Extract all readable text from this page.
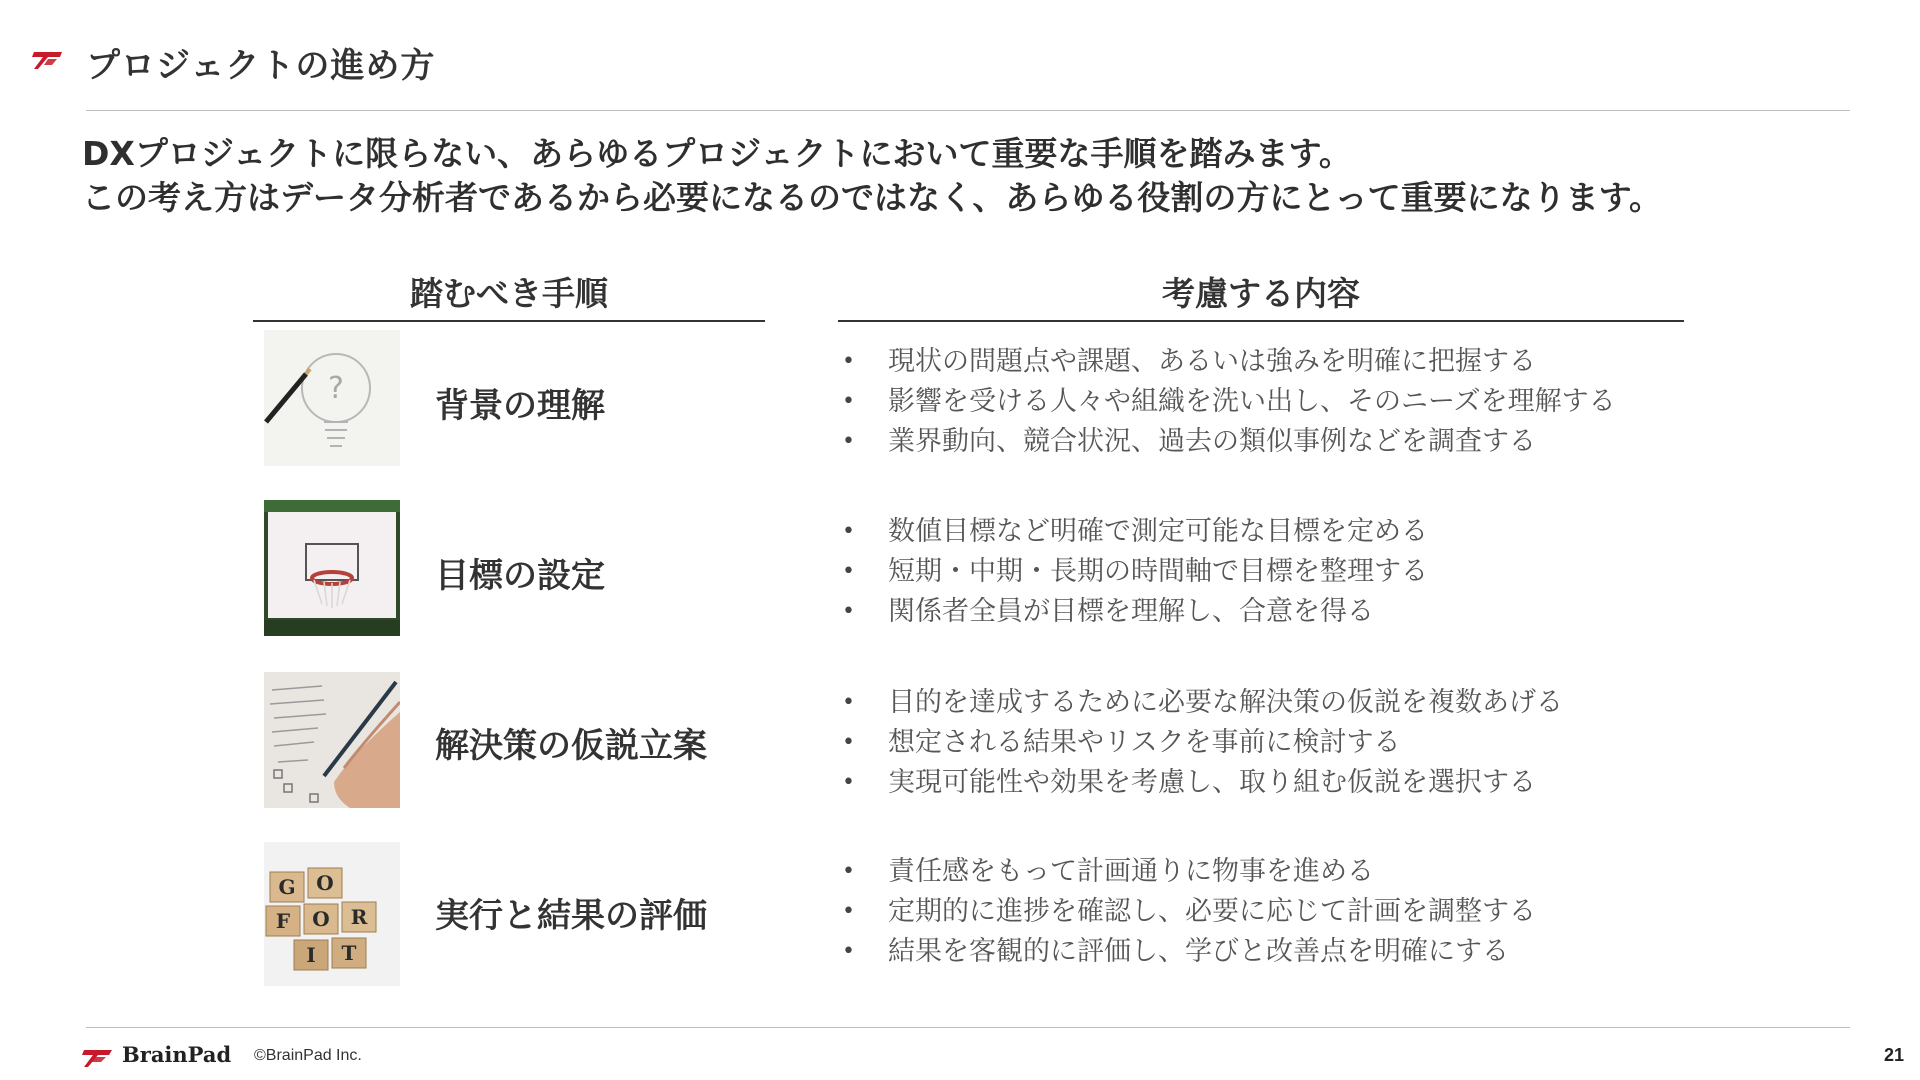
プロジェクトの進め方
DXプロジェクトに限らない、あらゆるプロジェクトにおいて重要な手順を踏みます。
この考え方はデータ分析者であるから必要になるのではなく、あらゆる役割の方にとって重要になります。
踏むべき手順	考慮する内容
?	背景の理解
• 現状の問題点や課題、あるいは強みを明確に把握する
• 影響を受ける人々や組織を洗い出し、そのニーズを理解する
• 業界動向、競合状況、過去の類似事例などを調査する
目標の設定
• 数値目標など明確で測定可能な目標を定める
• 短期・中期・長期の時間軸で目標を整理する
• 関係者全員が目標を理解し、合意を得る
解決策の仮説立案
• 目的を達成するために必要な解決策の仮説を複数あげる
• 想定される結果やリスクを事前に検討する
• 実現可能性や効果を考慮し、取り組む仮説を選択する
G O
F O R
I T
実行と結果の評価
• 責任感をもって計画通りに物事を進める
• 定期的に進捗を確認し、必要に応じて計画を調整する
• 結果を客観的に評価し、学びと改善点を明確にする
BrainPad ©BrainPad Inc.	21
